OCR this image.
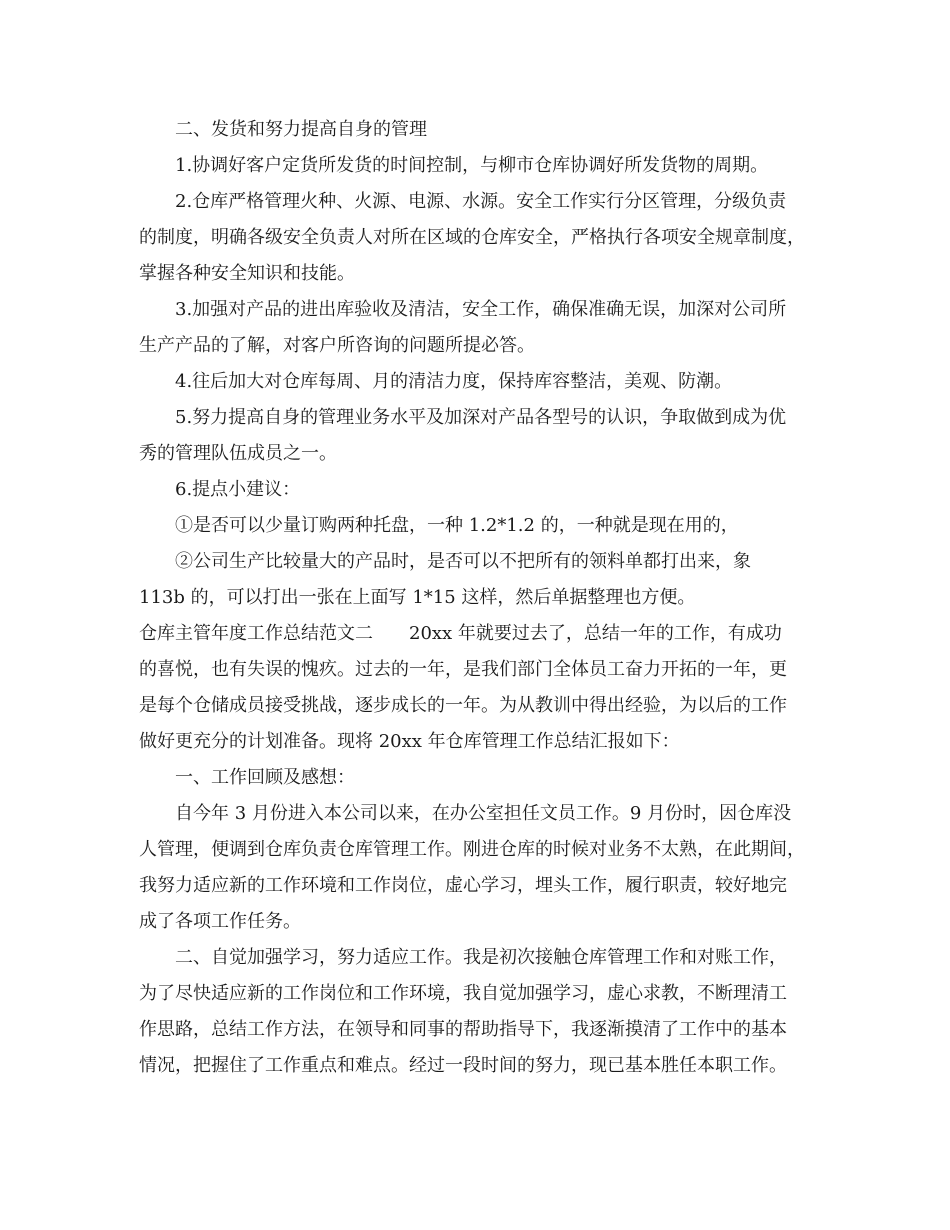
二、发货和努力提高自身的管理
1.协调好客户定货所发货的时间控制，与柳市仓库协调好所发货物的周期。
2.仓库严格管理火种、火源、电源、水源。安全工作实行分区管理，分级负责
的制度，明确各级安全负责人对所在区域的仓库安全，严格执行各项安全规章制度，
掌握各种安全知识和技能。
3.加强对产品的进出库验收及清洁，安全工作，确保准确无误，加深对公司所
生产产品的了解，对客户所咨询的问题所提必答。
4.往后加大对仓库每周、月的清洁力度，保持库容整洁，美观、防潮。
5.努力提高自身的管理业务水平及加深对产品各型号的认识，争取做到成为优
秀的管理队伍成员之一。
6.提点小建议：
①是否可以少量订购两种托盘，一种 1.2*1.2 的，一种就是现在用的，
②公司生产比较量大的产品时，是否可以不把所有的领料单都打出来，象
113b 的，可以打出一张在上面写 1*15 这样，然后单据整理也方便。
仓库主管年度工作总结范文二　　20xx 年就要过去了，总结一年的工作，有成功
的喜悦，也有失误的愧疚。过去的一年，是我们部门全体员工奋力开拓的一年，更
是每个仓储成员接受挑战，逐步成长的一年。为从教训中得出经验，为以后的工作
做好更充分的计划准备。现将 20xx 年仓库管理工作总结汇报如下：
一、工作回顾及感想：
自今年 3 月份进入本公司以来，在办公室担任文员工作。9 月份时，因仓库没
人管理，便调到仓库负责仓库管理工作。刚进仓库的时候对业务不太熟，在此期间，
我努力适应新的工作环境和工作岗位，虚心学习，埋头工作，履行职责，较好地完
成了各项工作任务。
二、自觉加强学习，努力适应工作。我是初次接触仓库管理工作和对账工作，
为了尽快适应新的工作岗位和工作环境，我自觉加强学习，虚心求教，不断理清工
作思路，总结工作方法，在领导和同事的帮助指导下，我逐渐摸清了工作中的基本
情况，把握住了工作重点和难点。经过一段时间的努力，现已基本胜任本职工作。
